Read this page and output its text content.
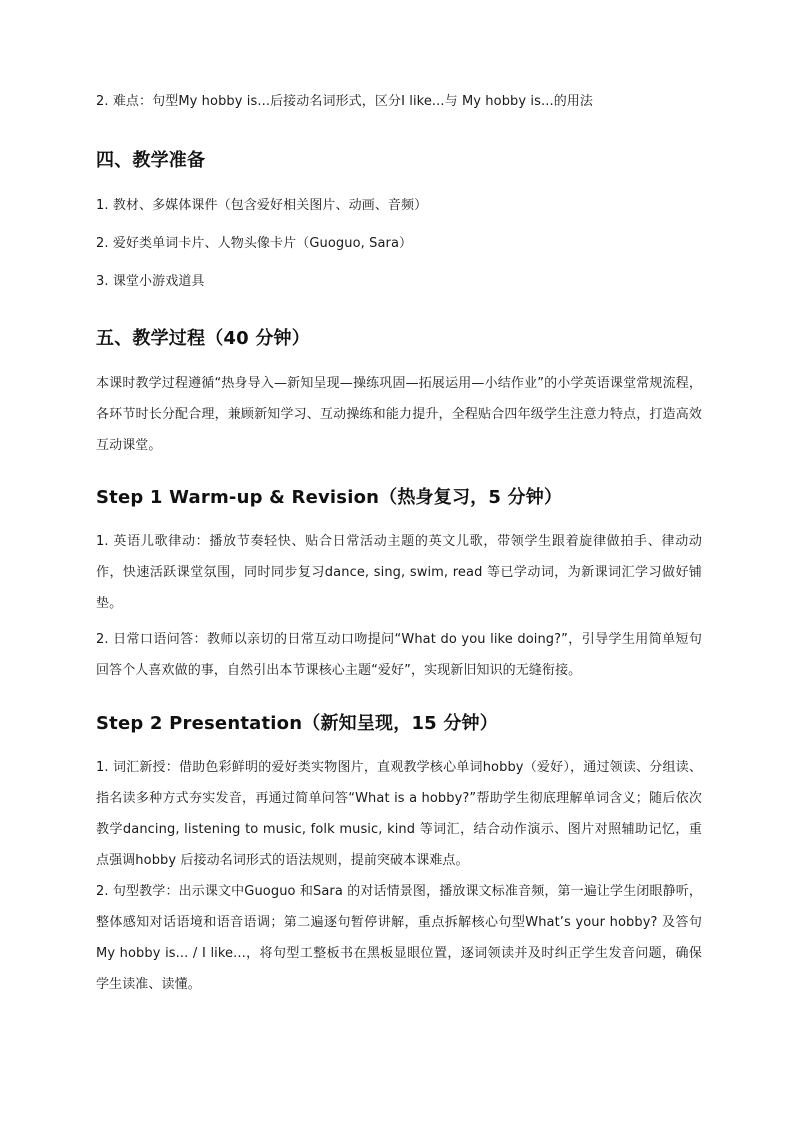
2. 难点：句型My hobby is...后接动名词形式，区分I like...与 My hobby is...的用法

四、教学准备

1. 教材、多媒体课件（包含爱好相关图片、动画、音频）

2. 爱好类单词卡片、人物头像卡片（Guoguo, Sara）

3. 课堂小游戏道具

五、教学过程（40 分钟）

本课时教学过程遵循“热身导入—新知呈现—操练巩固—拓展运用—小结作业”的小学英语课堂常规流程，各环节时长分配合理，兼顾新知学习、互动操练和能力提升，全程贴合四年级学生注意力特点，打造高效互动课堂。

Step 1 Warm-up & Revision（热身复习，5 分钟）

1. 英语儿歌律动：播放节奏轻快、贴合日常活动主题的英文儿歌，带领学生跟着旋律做拍手、律动动作，快速活跃课堂氛围，同时同步复习dance, sing, swim, read 等已学动词，为新课词汇学习做好铺垫。

2. 日常口语问答：教师以亲切的日常互动口吻提问“What do you like doing?”，引导学生用简单短句回答个人喜欢做的事，自然引出本节课核心主题“爱好”，实现新旧知识的无缝衔接。

Step 2 Presentation（新知呈现，15 分钟）

1. 词汇新授：借助色彩鲜明的爱好类实物图片，直观教学核心单词hobby（爱好），通过领读、分组读、指名读多种方式夯实发音，再通过简单问答“What is a hobby?”帮助学生彻底理解单词含义；随后依次教学dancing, listening to music, folk music, kind 等词汇，结合动作演示、图片对照辅助记忆，重点强调hobby 后接动名词形式的语法规则，提前突破本课难点。

2. 句型教学：出示课文中Guoguo 和Sara 的对话情景图，播放课文标准音频，第一遍让学生闭眼静听，整体感知对话语境和语音语调；第二遍逐句暂停讲解，重点拆解核心句型What’s your hobby? 及答句My hobby is... / I like...，将句型工整板书在黑板显眼位置，逐词领读并及时纠正学生发音问题，确保学生读准、读懂。
